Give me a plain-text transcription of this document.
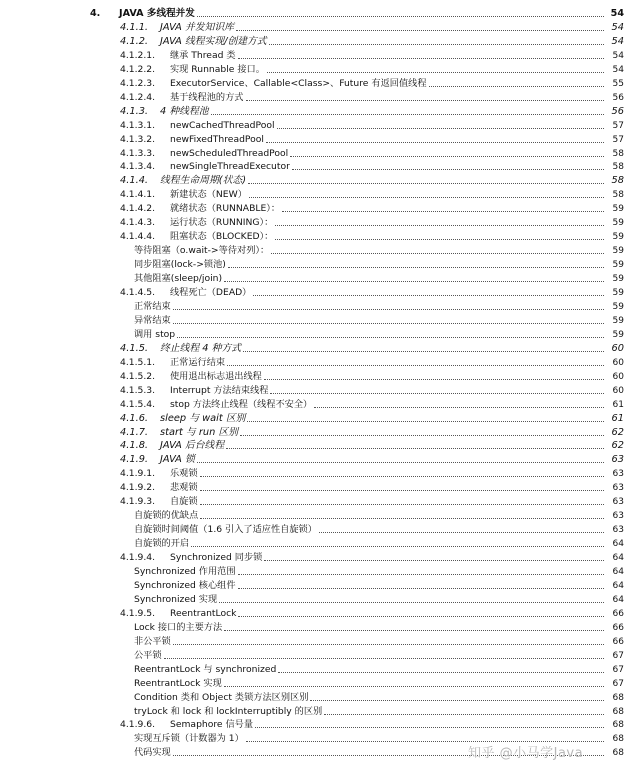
4. JAVA 多线程并发	54
4.1.1. JAVA 并发知识库	54
4.1.2. JAVA 线程实现/创建方式	54
4.1.2.1. 继承 Thread 类	54
4.1.2.2. 实现 Runnable 接口。	54
4.1.2.3. ExecutorService、Callable<Class>、Future 有返回值线程	55
4.1.2.4. 基于线程池的方式	56
4.1.3. 4 种线程池	56
4.1.3.1. newCachedThreadPool	57
4.1.3.2. newFixedThreadPool	57
4.1.3.3. newScheduledThreadPool	58
4.1.3.4. newSingleThreadExecutor	58
4.1.4. 线程生命周期(状态)	58
4.1.4.1. 新建状态（NEW）	58
4.1.4.2. 就绪状态（RUNNABLE）：	59
4.1.4.3. 运行状态（RUNNING）：	59
4.1.4.4. 阻塞状态（BLOCKED）：	59
等待阻塞（o.wait->等待对列）：	59
同步阻塞(lock->锁池)	59
其他阻塞(sleep/join)	59
4.1.4.5. 线程死亡（DEAD）	59
正常结束	59
异常结束	59
调用 stop	59
4.1.5. 终止线程 4 种方式	60
4.1.5.1. 正常运行结束	60
4.1.5.2. 使用退出标志退出线程	60
4.1.5.3. Interrupt 方法结束线程	60
4.1.5.4. stop 方法终止线程（线程不安全）	61
4.1.6. sleep 与 wait 区别	61
4.1.7. start 与 run 区别	62
4.1.8. JAVA 后台线程	62
4.1.9. JAVA 锁	63
4.1.9.1. 乐观锁	63
4.1.9.2. 悲观锁	63
4.1.9.3. 自旋锁	63
自旋锁的优缺点	63
自旋锁时间阈值（1.6 引入了适应性自旋锁）	63
自旋锁的开启	64
4.1.9.4. Synchronized 同步锁	64
Synchronized 作用范围	64
Synchronized 核心组件	64
Synchronized 实现	64
4.1.9.5. ReentrantLock	66
Lock 接口的主要方法	66
非公平锁	66
公平锁	67
ReentrantLock 与 synchronized	67
ReentrantLock 实现	67
Condition 类和 Object 类锁方法区别区别	68
tryLock 和 lock 和 lockInterruptibly 的区别	68
4.1.9.6. Semaphore 信号量	68
实现互斥锁（计数器为 1）	68
代码实现	68
知乎 @小马学Java
